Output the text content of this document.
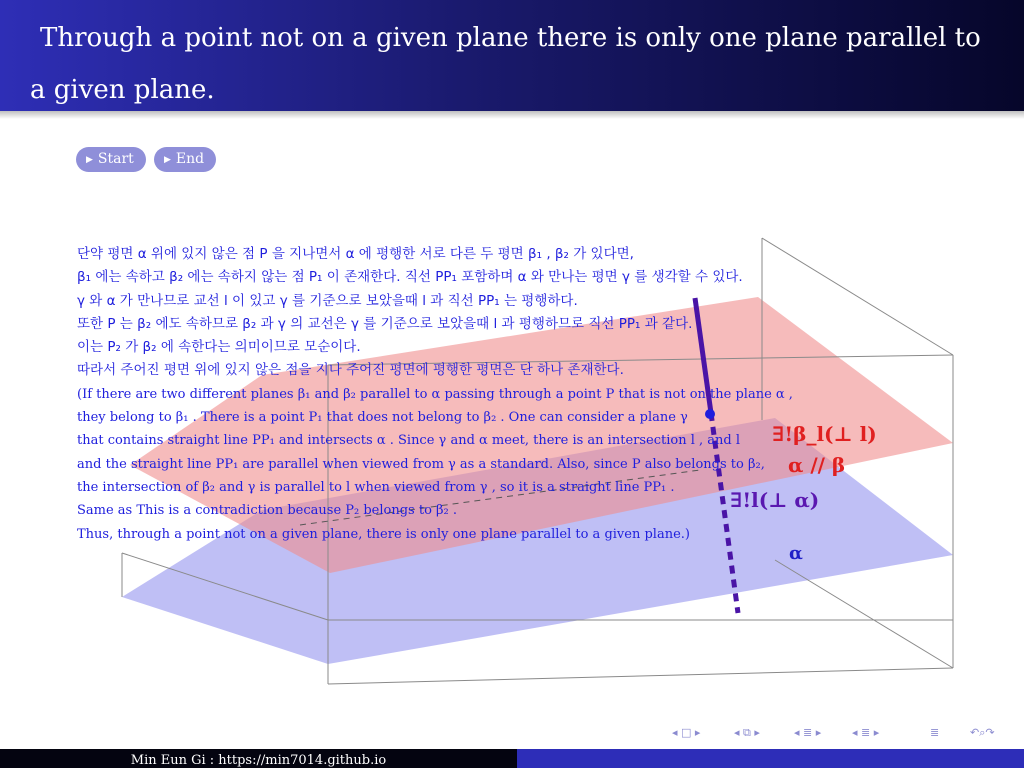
Through a point not on a given plane there is only one plane parallel to a given plane.
▶ Start	▶ End
단약 평면 α 위에 있지 않은 점 P 을 지나면서 α 에 평행한 서로 다른 두 평면 β₁ , β₂ 가 있다면,
β₁ 에는 속하고 β₂ 에는 속하지 않는 점 P₁ 이 존재한다. 직선 PP₁ 포함하며 α 와 만나는 평면 γ 를 생각할 수 있다.
γ 와 α 가 만나므로 교선 l 이 있고 γ 를 기준으로 보았을때 l 과 직선 PP₁ 는 평행하다.
또한 P 는 β₂ 에도 속하므로 β₂ 과 γ 의 교선은 γ 를 기준으로 보았을때 l 과 평행하므로 직선 PP₁ 과 같다.
이는 P₂ 가 β₂ 에 속한다는 의미이므로 모순이다.
따라서 주어진 평면 위에 있지 않은 점을 지나 주어진 평면에 평행한 평면은 단 하나 존재한다.
(If there are two different planes β₁ and β₂ parallel to α passing through a point P that is not on the plane α ,
they belong to β₁ . There is a point P₁ that does not belong to β₂ . One can consider a plane γ
that contains straight line PP₁ and intersects α . Since γ and α meet, there is an intersection l , and l
and the straight line PP₁ are parallel when viewed from γ as a standard. Also, since P also belongs to β₂,
the intersection of β₂ and γ is parallel to l when viewed from γ , so it is a straight line PP₁ .
Same as This is a contradiction because P₂ belongs to β₂ .
Thus, through a point not on a given plane, there is only one plane parallel to a given plane.)
∃!β_l(⊥ l)
α // β
∃!l(⊥ α)
α
◂ □ ▸	◂ ⧉ ▸	◂ ≣ ▸	◂ ≣ ▸	≣	↶⌕↷
Min Eun Gi : https://min7014.github.io
